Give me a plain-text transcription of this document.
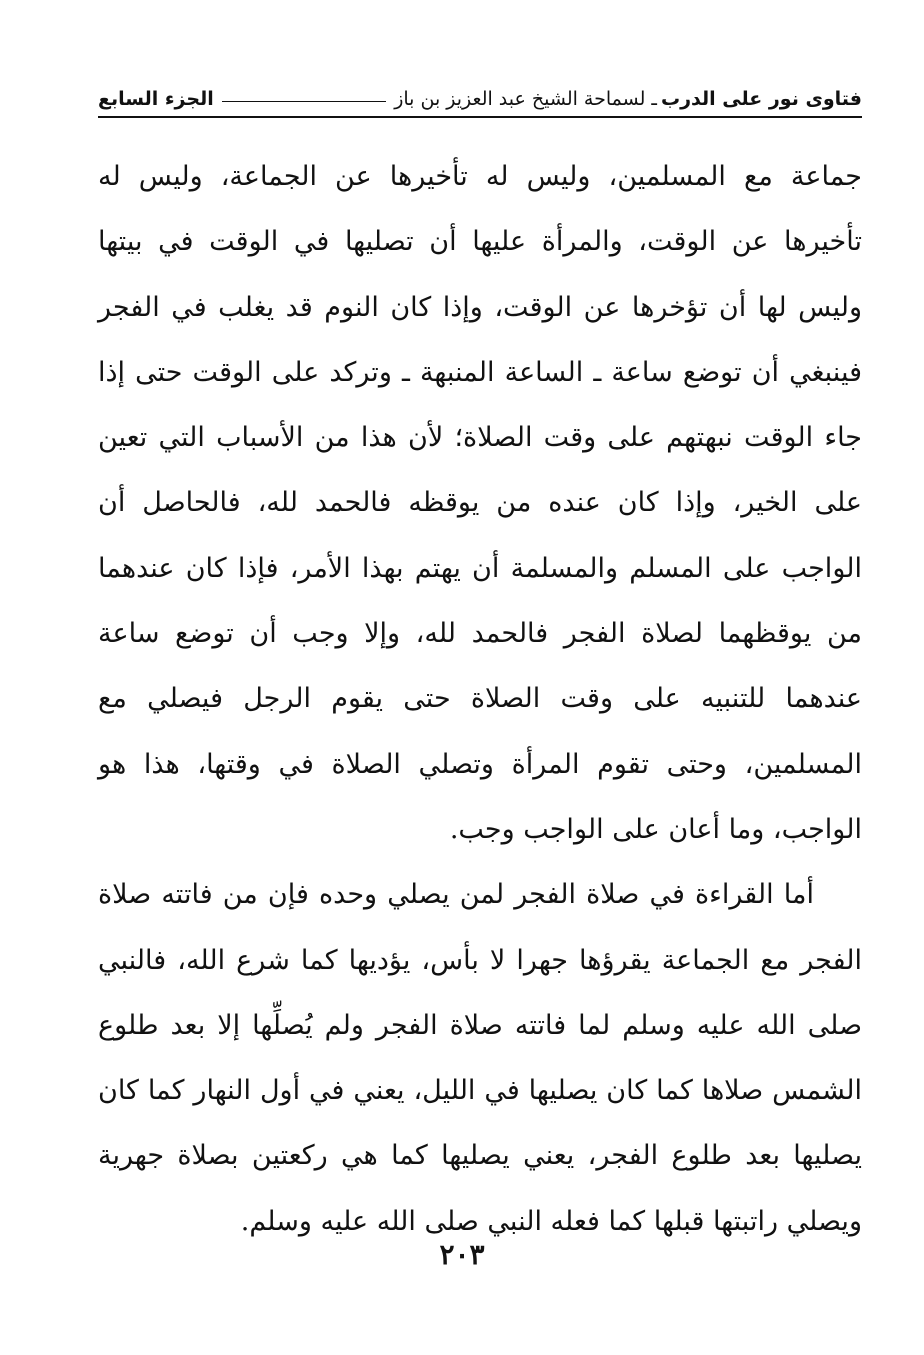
فتاوى نور على الدرب
ـ لسماحة الشيخ عبد العزيز بن باز
الجزء السابع

جماعة مع المسلمين، وليس له تأخيرها عن الجماعة، وليس له تأخيرها عن الوقت، والمرأة عليها أن تصليها في الوقت في بيتها وليس لها أن تؤخرها عن الوقت، وإذا كان النوم قد يغلب في الفجر فينبغي أن توضع ساعة ـ الساعة المنبهة ـ وتركد على الوقت حتى إذا جاء الوقت نبهتهم على وقت الصلاة؛ لأن هذا من الأسباب التي تعين على الخير، وإذا كان عنده من يوقظه فالحمد لله، فالحاصل أن الواجب على المسلم والمسلمة أن يهتم بهذا الأمر، فإذا كان عندهما من يوقظهما لصلاة الفجر فالحمد لله، وإلا وجب أن توضع ساعة عندهما للتنبيه على وقت الصلاة حتى يقوم الرجل فيصلي مع المسلمين، وحتى تقوم المرأة وتصلي الصلاة في وقتها، هذا هو الواجب، وما أعان على الواجب وجب.

أما القراءة في صلاة الفجر لمن يصلي وحده فإن من فاتته صلاة الفجر مع الجماعة يقرؤها جهرا لا بأس، يؤديها كما شرع الله، فالنبي صلى الله عليه وسلم لما فاتته صلاة الفجر ولم يُصلِّها إلا بعد طلوع الشمس صلاها كما كان يصليها في الليل، يعني في أول النهار كما كان يصليها بعد طلوع الفجر، يعني يصليها كما هي ركعتين بصلاة جهرية ويصلي راتبتها قبلها كما فعله النبي صلى الله عليه وسلم.

٢٠٣
